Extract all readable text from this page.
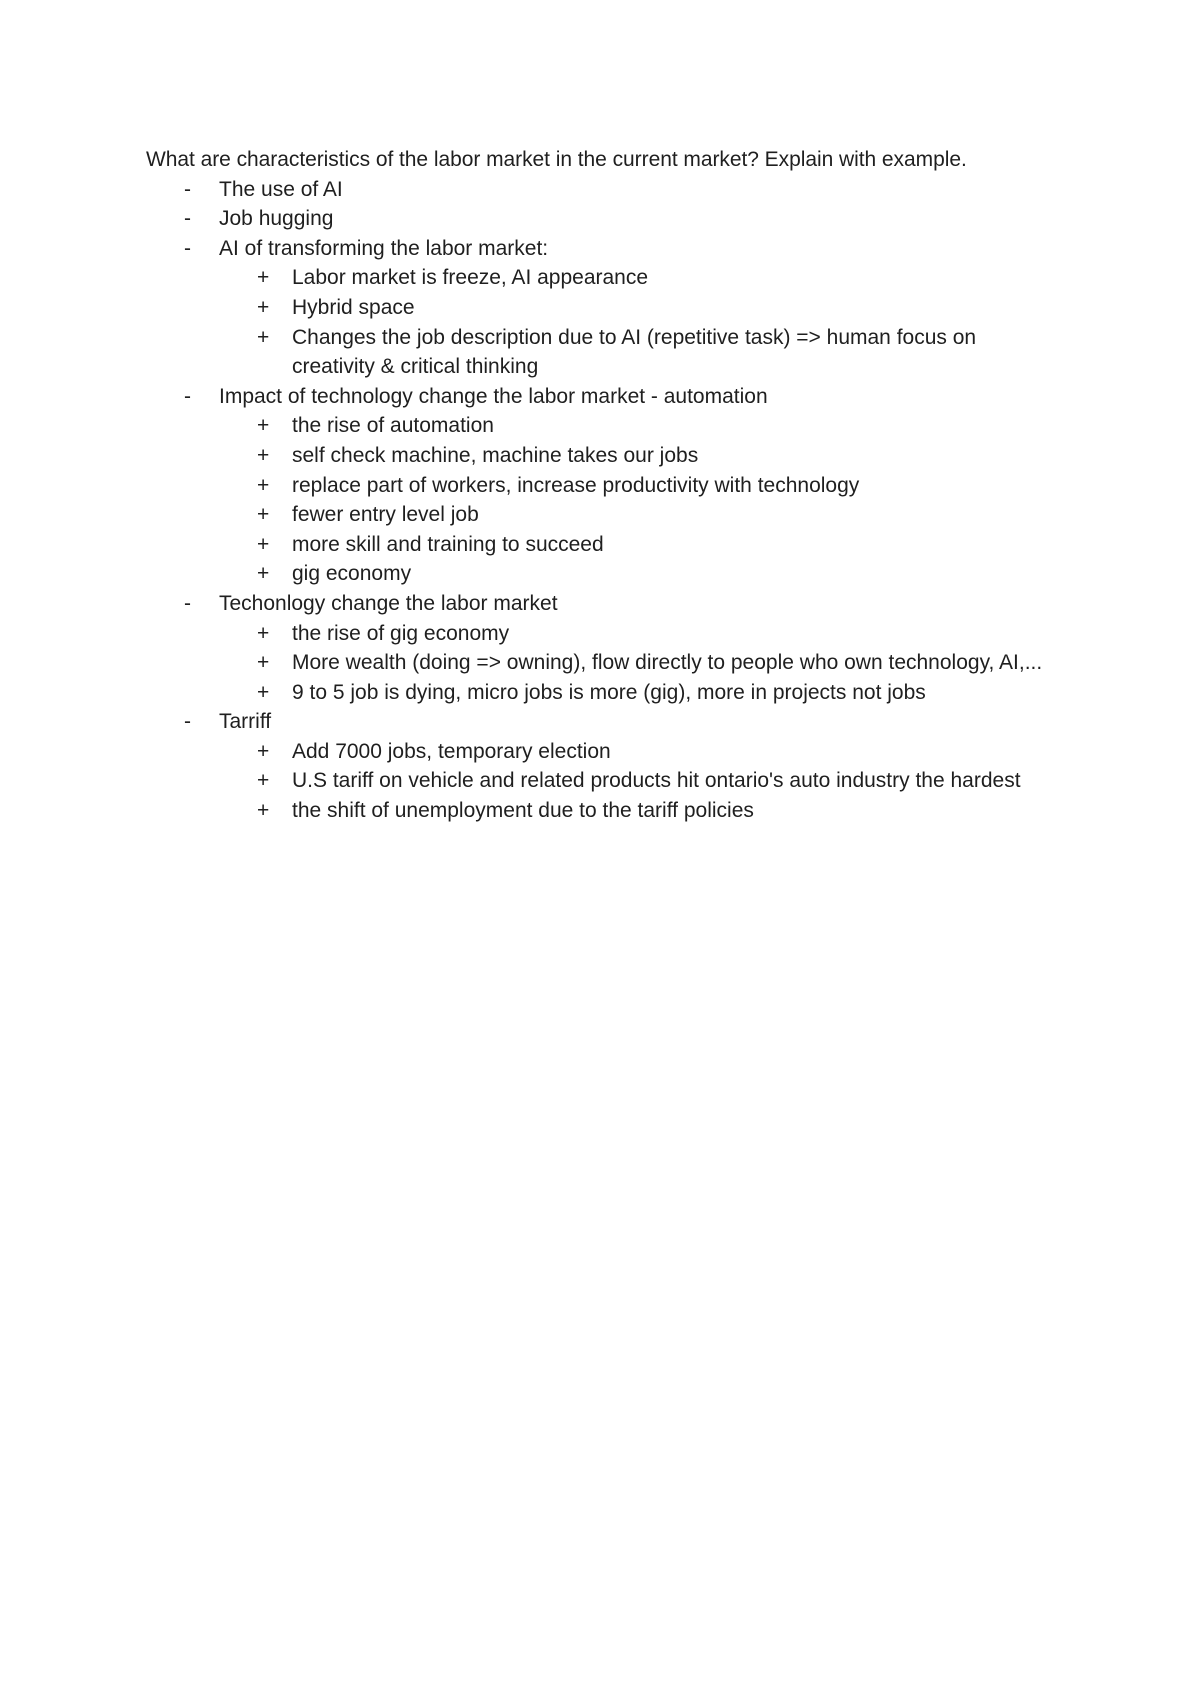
What are characteristics of the labor market in the current market? Explain with example.

- The use of AI
- Job hugging
- AI of transforming the labor market:
+ Labor market is freeze, AI appearance
+ Hybrid space
+ Changes the job description due to AI (repetitive task) => human focus on creativity & critical thinking
- Impact of technology change the labor market - automation
+ the rise of automation
+ self check machine, machine takes our jobs
+ replace part of workers, increase productivity with technology
+ fewer entry level job
+ more skill and training to succeed
+ gig economy
- Techonlogy change the labor market
+ the rise of gig economy
+ More wealth (doing => owning), flow directly to people who own technology, AI,...
+ 9 to 5 job is dying, micro jobs is more (gig), more in projects not jobs
- Tarriff
+ Add 7000 jobs, temporary election
+ U.S tariff on vehicle and related products hit ontario's auto industry the hardest
+ the shift of unemployment due to the tariff policies
